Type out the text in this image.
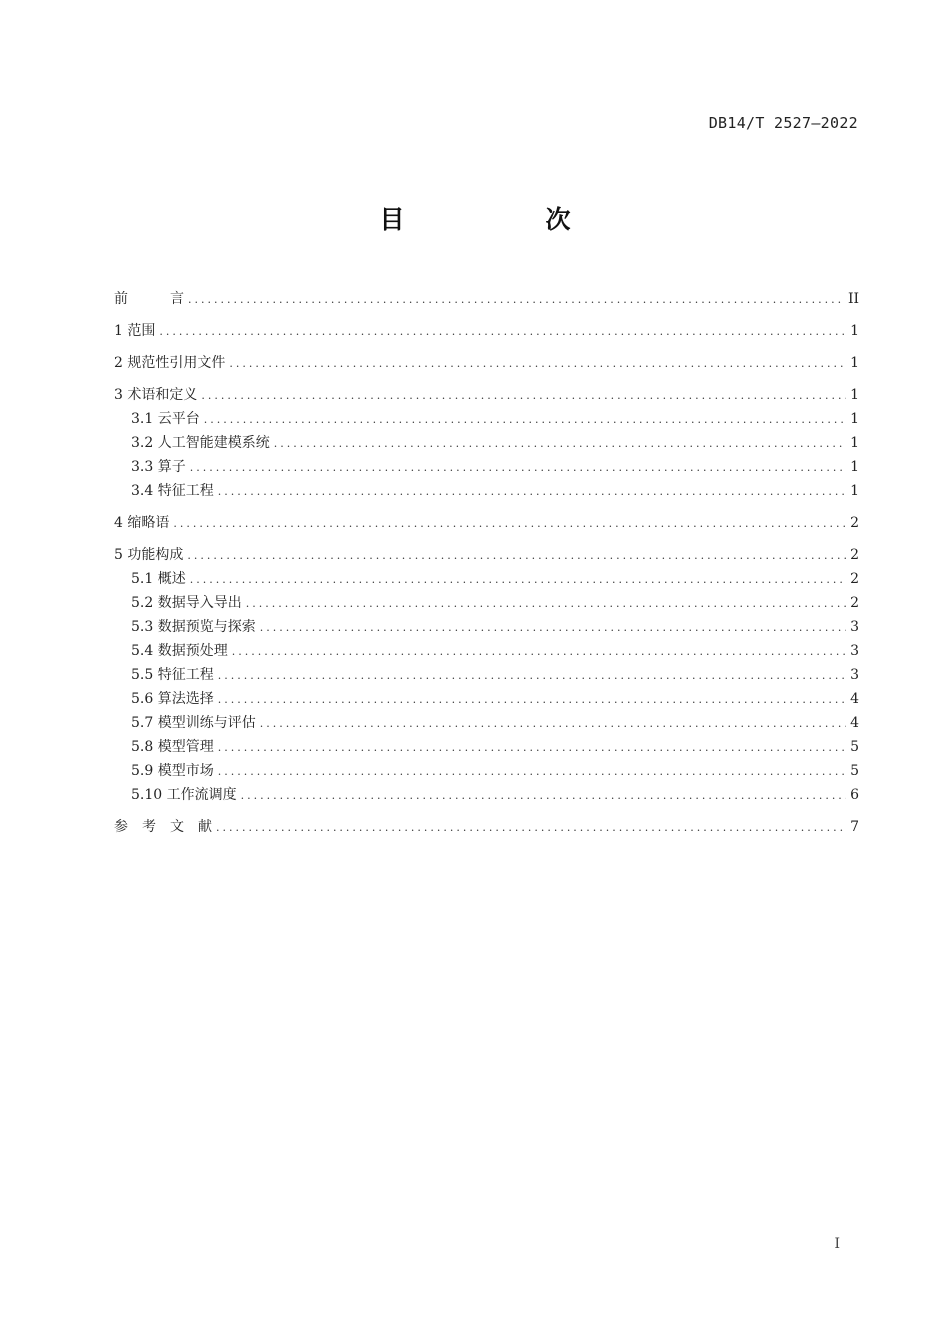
DB14/T 2527—2022
目　次
前　　　言 .....	II
1 范围 .....	1
2 规范性引用文件 .....	1
3 术语和定义 .....	1
3.1 云平台 .....	1
3.2 人工智能建模系统 .....	1
3.3 算子 .....	1
3.4 特征工程 .....	1
4 缩略语 .....	2
5 功能构成 .....	2
5.1 概述 .....	2
5.2 数据导入导出 .....	2
5.3 数据预览与探索 .....	3
5.4 数据预处理 .....	3
5.5 特征工程 .....	3
5.6 算法选择 .....	4
5.7 模型训练与评估 .....	4
5.8 模型管理 .....	5
5.9 模型市场 .....	5
5.10 工作流调度 .....	6
参　考　文　献 .....	7
I
